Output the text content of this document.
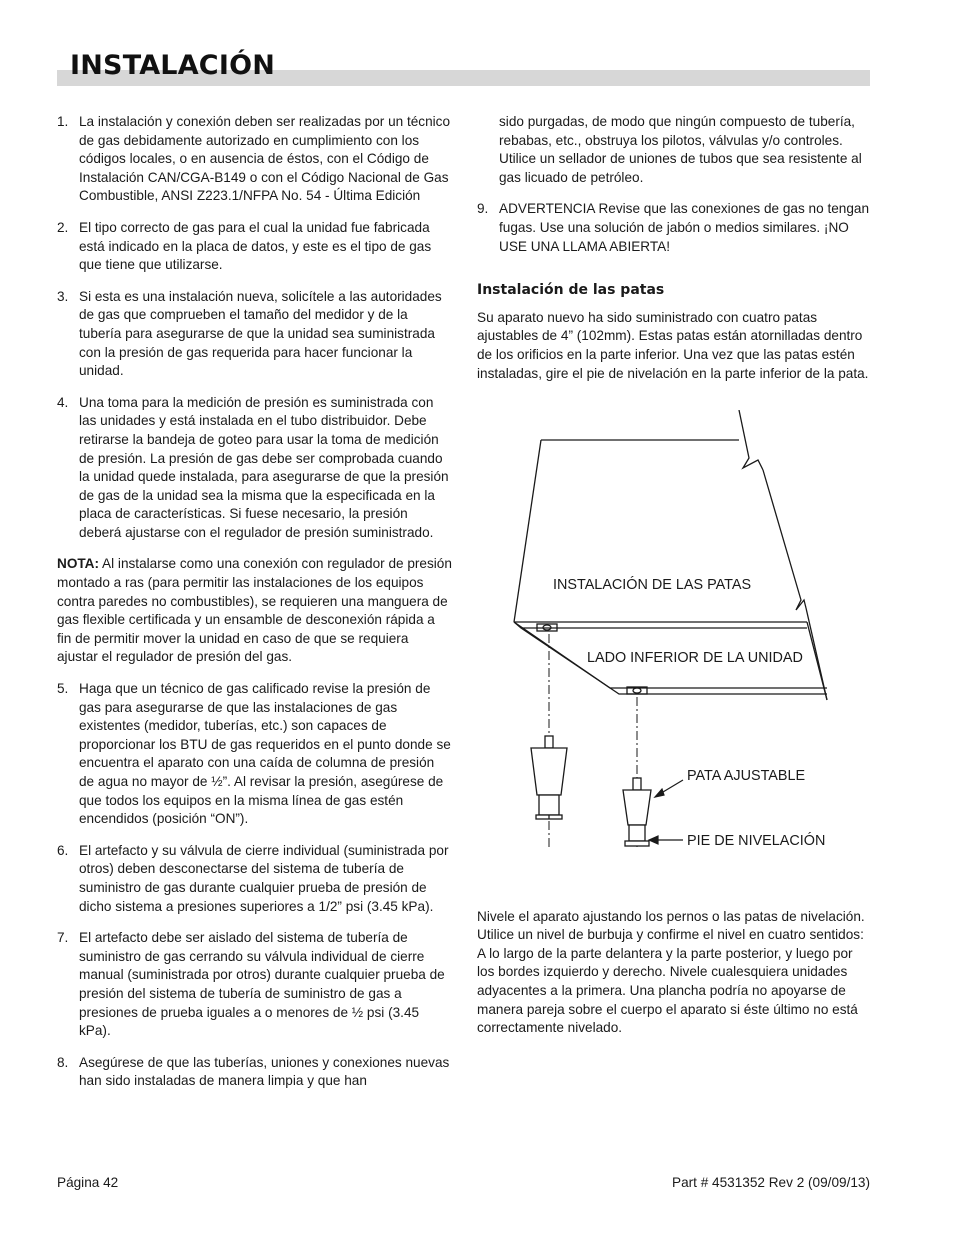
INSTALACIÓN
1. La instalación y conexión deben ser realizadas por un técnico de gas debidamente autorizado en cumplimiento con los códigos locales, o en ausencia de éstos, con el Código de Instalación CAN/CGA-B149 o con el Código Nacional de Gas Combustible, ANSI Z223.1/NFPA No. 54 - Última Edición
2. El tipo correcto de gas para el cual la unidad fue fabricada está indicado en la placa de datos, y este es el tipo de gas que tiene que utilizarse.
3. Si esta es una instalación nueva, solicítele a las autoridades de gas que comprueben el tamaño del medidor y de la tubería para asegurarse de que la unidad sea suministrada con la presión de gas requerida para hacer funcionar la unidad.
4. Una toma para la medición de presión es suministrada con las unidades y está instalada en el tubo distribuidor. Debe retirarse la bandeja de goteo para usar la toma de medición de presión. La presión de gas debe ser comprobada cuando la unidad quede instalada, para asegurarse de que la presión de gas de la unidad sea la misma que la especificada en la placa de características. Si fuese necesario, la presión deberá ajustarse con el regulador de presión suministrado.

NOTA: Al instalarse como una conexión con regulador de presión montado a ras (para permitir las instalaciones de los equipos contra paredes no combustibles), se requieren una manguera de gas flexible certificada y un ensamble de desconexión rápida a fin de permitir mover la unidad en caso de que se requiera ajustar el regulador de presión del gas.

5. Haga que un técnico de gas calificado revise la presión de gas para asegurarse de que las instalaciones de gas existentes (medidor, tuberías, etc.) son capaces de proporcionar los BTU de gas requeridos en el punto donde se encuentra el aparato con una caída de columna de presión de agua no mayor de ½”. Al revisar la presión, asegúrese de que todos los equipos en la misma línea de gas estén encendidos (posición “ON”).
6. El artefacto y su válvula de cierre individual (suministrada por otros) deben desconectarse del sistema de tubería de suministro de gas durante cualquier prueba de presión de dicho sistema a presiones superiores a 1/2” psi (3.45 kPa).
7. El artefacto debe ser aislado del sistema de tubería de suministro de gas cerrando su válvula individual de cierre manual (suministrada por otros) durante cualquier prueba de presión del sistema de tubería de suministro de gas a presiones de prueba iguales a o menores de ½ psi (3.45 kPa).
8. Asegúrese de que las tuberías, uniones y conexiones nuevas han sido instaladas de manera limpia y que han
sido purgadas, de modo que ningún compuesto de tubería, rebabas, etc., obstruya los pilotos, válvulas y/o controles. Utilice un sellador de uniones de tubos que sea resistente al gas licuado de petróleo.
9. ADVERTENCIA Revise que las conexiones de gas no tengan fugas. Use una solución de jabón o medios similares. ¡NO USE UNA LLAMA ABIERTA!
Instalación de las patas

Su aparato nuevo ha sido suministrado con cuatro patas ajustables de 4” (102mm). Estas patas están atornilladas dentro de los orificios en la parte inferior. Una vez que las patas estén instaladas, gire el pie de nivelación en la parte inferior de la pata.

INSTALACIÓN DE LAS PATAS
LADO INFERIOR DE LA UNIDAD
PATA AJUSTABLE
PIE DE NIVELACIÓN

Nivele el aparato ajustando los pernos o las patas de nivelación. Utilice un nivel de burbuja y confirme el nivel en cuatro sentidos: A lo largo de la parte delantera y la parte posterior, y luego por los bordes izquierdo y derecho. Nivele cualesquiera unidades adyacentes a la primera. Una plancha podría no apoyarse de manera pareja sobre el cuerpo el aparato si éste último no está correctamente nivelado.

Página 42	Part # 4531352 Rev 2 (09/09/13)
